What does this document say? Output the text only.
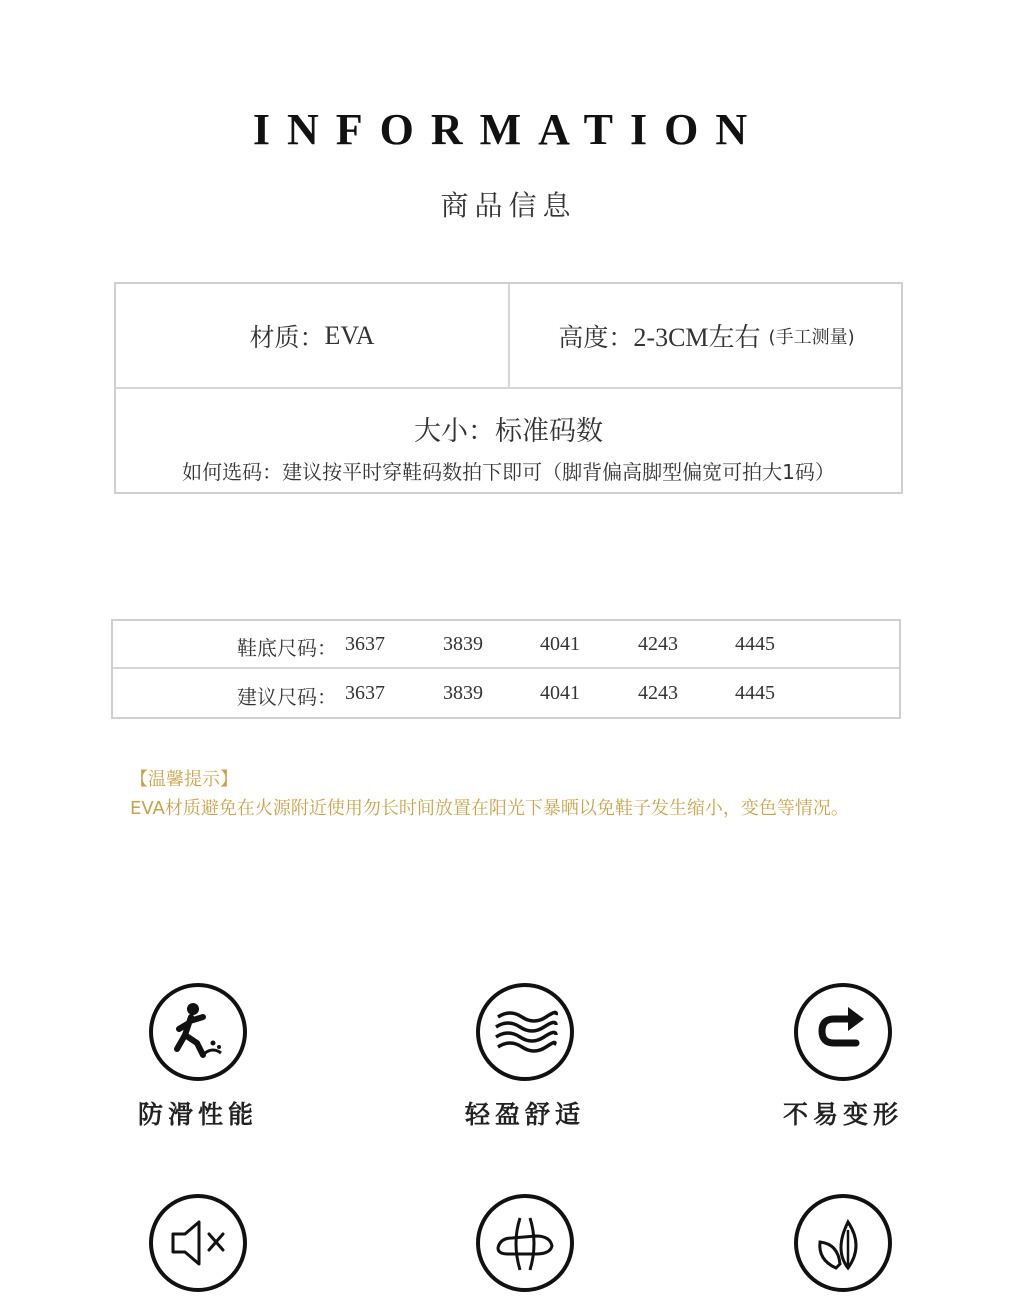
INFORMATION
商品信息
材质： EVA	高度： 2-3CM左右 (手工测量)
大小：标准码数
如何选码：建议按平时穿鞋码数拍下即可（脚背偏高脚型偏宽可拍大1码）
鞋底尺码： 3637	3839	4041	4243	4445
建议尺码： 3637	3839	4041	4243	4445
【温馨提示】
EVA材质避免在火源附近使用勿长时间放置在阳光下暴晒以免鞋子发生缩小，变色等情况。
防滑性能	轻盈舒适	不易变形
